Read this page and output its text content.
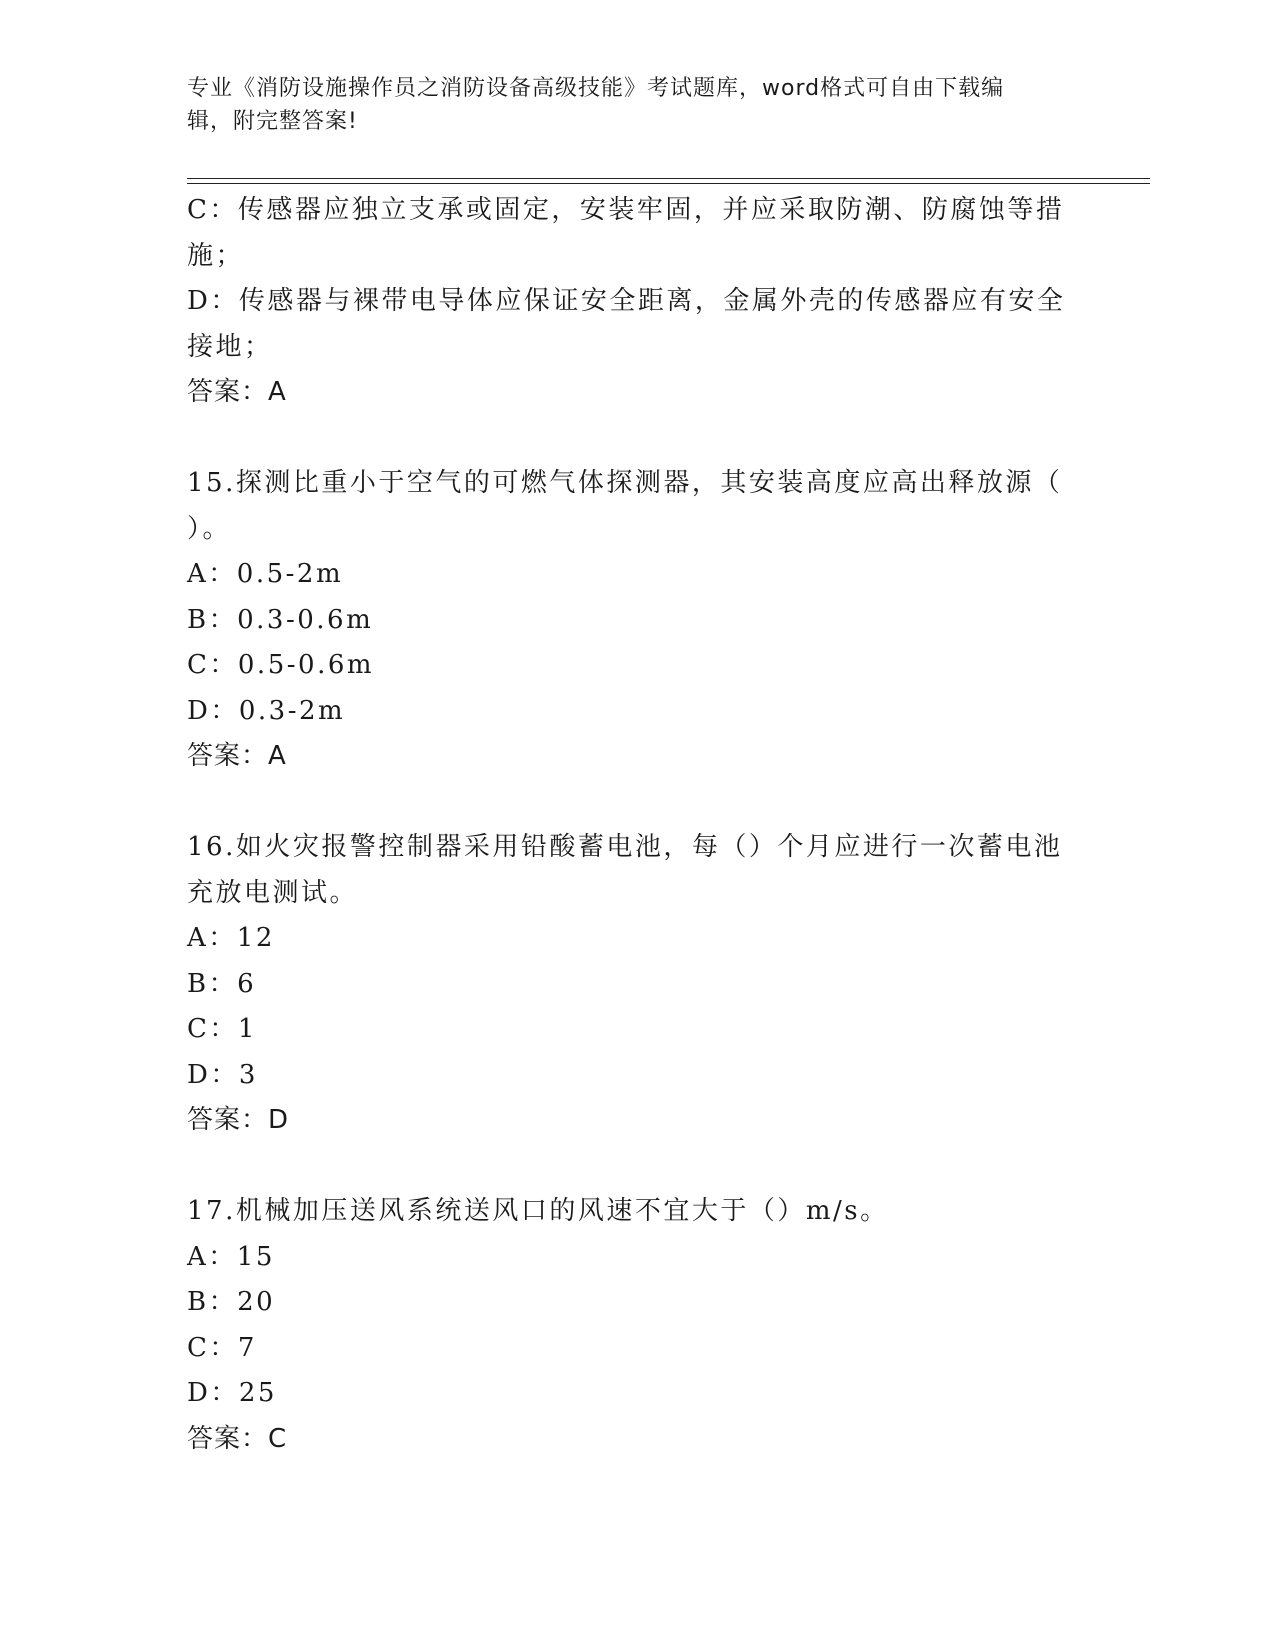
专业《消防设施操作员之消防设备高级技能》考试题库，word格式可自由下载编
辑，附完整答案!
C：传感器应独立支承或固定，安装牢固，并应采取防潮、防腐蚀等措
施；
D：传感器与裸带电导体应保证安全距离，金属外壳的传感器应有安全
接地；
答案：A
15.探测比重小于空气的可燃气体探测器，其安装高度应高出释放源（
）。
A：0.5-2m
B：0.3-0.6m
C：0.5-0.6m
D：0.3-2m
答案：A
16.如火灾报警控制器采用铅酸蓄电池，每（）个月应进行一次蓄电池
充放电测试。
A：12
B：6
C：1
D：3
答案：D
17.机械加压送风系统送风口的风速不宜大于（）m/s。
A：15
B：20
C：7
D：25
答案：C
